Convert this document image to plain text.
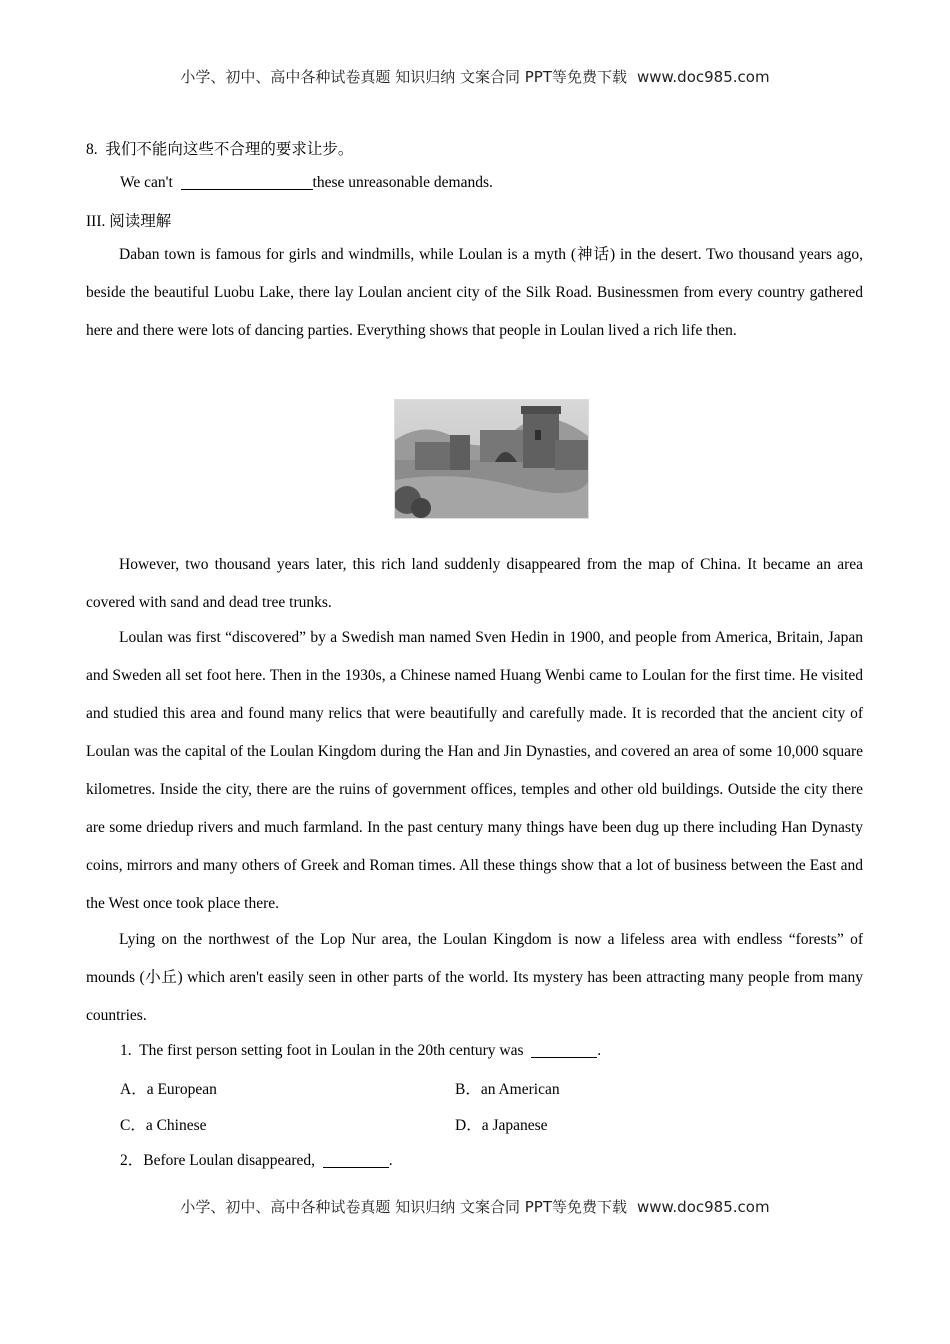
小学、初中、高中各种试卷真题 知识归纳 文案合同 PPT等免费下载 www.doc985.com
8. 我们不能向这些不合理的要求让步。
We can't	these unreasonable demands.
III. 阅读理解
Daban town is famous for girls and windmills, while Loulan is a myth (神话) in the desert. Two thousand years ago, beside the beautiful Luobu Lake, there lay Loulan ancient city of the Silk Road. Businessmen from every country gathered here and there were lots of dancing parties. Everything shows that people in Loulan lived a rich life then.
However, two thousand years later, this rich land suddenly disappeared from the map of China. It became an area covered with sand and dead tree trunks.
Loulan was first “discovered” by a Swedish man named Sven Hedin in 1900, and people from America, Britain, Japan and Sweden all set foot here. Then in the 1930s, a Chinese named Huang Wenbi came to Loulan for the first time. He visited and studied this area and found many relics that were beautifully and carefully made. It is recorded that the ancient city of Loulan was the capital of the Loulan Kingdom during the Han and Jin Dynasties, and covered an area of some 10,000 square kilometres. Inside the city, there are the ruins of government offices, temples and other old buildings. Outside the city there are some driedup rivers and much farmland. In the past century many things have been dug up there including Han Dynasty coins, mirrors and many others of Greek and Roman times. All these things show that a lot of business between the East and the West once took place there.
Lying on the northwest of the Lop Nur area, the Loulan Kingdom is now a lifeless area with endless “forests” of mounds (小丘) which aren't easily seen in other parts of the world. Its mystery has been attracting many people from many countries.
1. The first person setting foot in Loulan in the 20th century was	.
A．a European	B．an American
C．a Chinese	D．a Japanese
2．Before Loulan disappeared,	.
小学、初中、高中各种试卷真题 知识归纳 文案合同 PPT等免费下载 www.doc985.com
